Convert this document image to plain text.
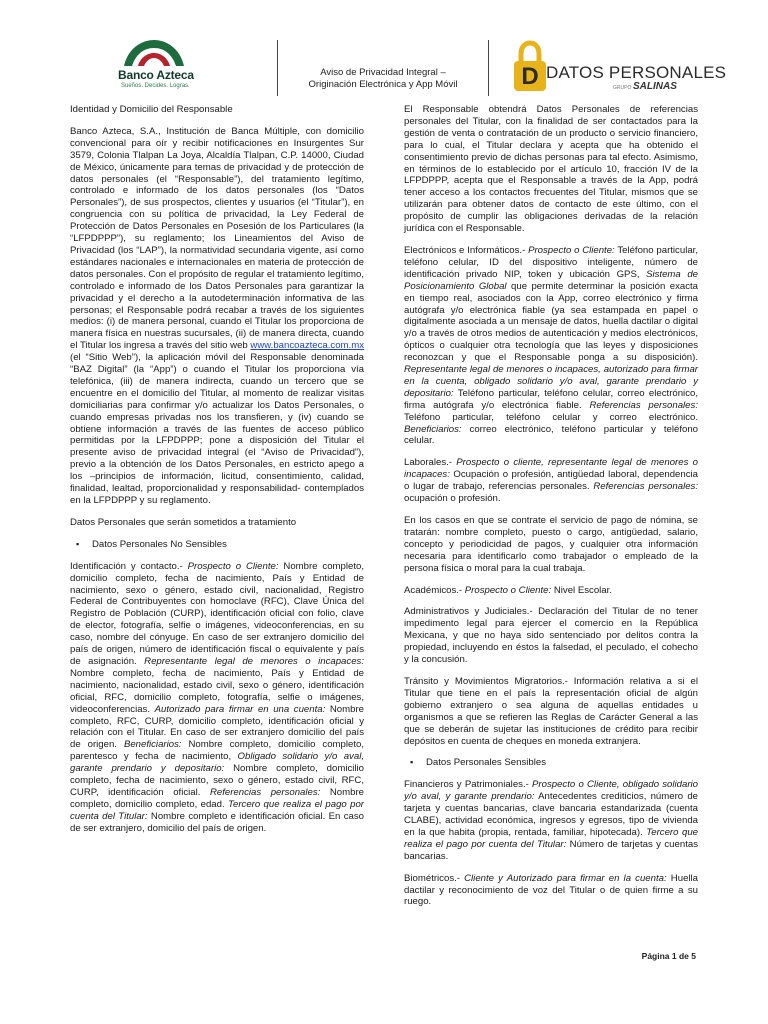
Banco Azteca
Sueños. Decides. Logras.
Aviso de Privacidad Integral –
Originación Electrónica y App Móvil	D DATOS PERSONALES
GRUPO SALINAS

Identidad y Domicilio del Responsable

Banco Azteca, S.A., Institución de Banca Múltiple, con domicilio convencional para oír y recibir notificaciones en Insurgentes Sur 3579, Colonia Tlalpan La Joya, Alcaldía Tlalpan, C.P. 14000, Ciudad de México, únicamente para temas de privacidad y de protección de datos personales (el “Responsable”), del tratamiento legítimo, controlado e informado de los datos personales (los “Datos Personales”), de sus prospectos, clientes y usuarios (el “Titular”), en congruencia con su política de privacidad, la Ley Federal de Protección de Datos Personales en Posesión de los Particulares (la “LFPDPPP”), su reglamento; los Lineamientos del Aviso de Privacidad (los “LAP”), la normatividad secundaria vigente, así como estándares nacionales e internacionales en materia de protección de datos personales. Con el propósito de regular el tratamiento legítimo, controlado e informado de los Datos Personales para garantizar la privacidad y el derecho a la autodeterminación informativa de las personas; el Responsable podrá recabar a través de los siguientes medios: (i) de manera personal, cuando el Titular los proporciona de manera física en nuestras sucursales, (ii) de manera directa, cuando el Titular los ingresa a través del sitio web www.bancoazteca.com.mx (el “Sitio Web”), la aplicación móvil del Responsable denominada “BAZ Digital” (la “App”) o cuando el Titular los proporciona vía telefónica, (iii) de manera indirecta, cuando un tercero que se encuentre en el domicilio del Titular, al momento de realizar visitas domiciliarias para confirmar y/o actualizar los Datos Personales, o cuando empresas privadas nos los transfieren, y (iv) cuando se obtiene información a través de las fuentes de acceso público permitidas por la LFPDPPP; pone a disposición del Titular el presente aviso de privacidad integral (el “Aviso de Privacidad”), previo a la obtención de los Datos Personales, en estricto apego a los –principios de información, licitud, consentimiento, calidad, finalidad, lealtad, proporcionalidad y responsabilidad- contemplados en la LFPDPPP y su reglamento.

Datos Personales que serán sometidos a tratamiento

▪ Datos Personales No Sensibles

Identificación y contacto.- Prospecto o Cliente: Nombre completo, domicilio completo, fecha de nacimiento, País y Entidad de nacimiento, sexo o género, estado civil, nacionalidad, Registro Federal de Contribuyentes con homoclave (RFC), Clave Única del Registro de Población (CURP), identificación oficial con folio, clave de elector, fotografía, selfie o imágenes, videoconferencias, en su caso, nombre del cónyuge. En caso de ser extranjero domicilio del país de origen, número de identificación fiscal o equivalente y país de asignación. Representante legal de menores o incapaces: Nombre completo, fecha de nacimiento, País y Entidad de nacimiento, nacionalidad, estado civil, sexo o género, identificación oficial, RFC, domicilio completo, fotografía, selfie o imágenes, videoconferencias. Autorizado para firmar en una cuenta: Nombre completo, RFC, CURP, domicilio completo, identificación oficial y relación con el Titular. En caso de ser extranjero domicilio del país de origen. Beneficiarios: Nombre completo, domicilio completo, parentesco y fecha de nacimiento, Obligado solidario y/o aval, garante prendario y depositario: Nombre completo, domicilio completo, fecha de nacimiento, sexo o género, estado civil, RFC, CURP, identificación oficial. Referencias personales: Nombre completo, domicilio completo, edad. Tercero que realiza el pago por cuenta del Titular: Nombre completo e identificación oficial. En caso de ser extranjero, domicilio del país de origen.

El Responsable obtendrá Datos Personales de referencias personales del Titular, con la finalidad de ser contactados para la gestión de venta o contratación de un producto o servicio financiero, para lo cual, el Titular declara y acepta que ha obtenido el consentimiento previo de dichas personas para tal efecto. Asimismo, en términos de lo establecido por el artículo 10, fracción IV de la LFPDPPP, acepta que el Responsable a través de la App, podrá tener acceso a los contactos frecuentes del Titular, mismos que se utilizarán para obtener datos de contacto de este último, con el propósito de cumplir las obligaciones derivadas de la relación jurídica con el Responsable.

Electrónicos e Informáticos.- Prospecto o Cliente: Teléfono particular, teléfono celular, ID del dispositivo inteligente, número de identificación privado NIP, token y ubicación GPS, Sistema de Posicionamiento Global que permite determinar la posición exacta en tiempo real, asociados con la App, correo electrónico y firma autógrafa y/o electrónica fiable (ya sea estampada en papel o digitalmente asociada a un mensaje de datos, huella dactilar o digital y/o a través de otros medios de autenticación y medios electrónicos, ópticos o cualquier otra tecnología que las leyes y disposiciones reconozcan y que el Responsable ponga a su disposición). Representante legal de menores o incapaces, autorizado para firmar en la cuenta, obligado solidario y/o aval, garante prendario y depositario: Teléfono particular, teléfono celular, correo electrónico, firma autógrafa y/o electrónica fiable. Referencias personales: Teléfono particular, teléfono celular y correo electrónico. Beneficiarios: correo electrónico, teléfono particular y teléfono celular.

Laborales.- Prospecto o cliente, representante legal de menores o incapaces: Ocupación o profesión, antigüedad laboral, dependencia o lugar de trabajo, referencias personales. Referencias personales: ocupación o profesión.

En los casos en que se contrate el servicio de pago de nómina, se tratarán: nombre completo, puesto o cargo, antigüedad, salario, concepto y periodicidad de pagos, y cualquier otra información necesaria para identificarlo como trabajador o empleado de la persona física o moral para la cual trabaja.

Académicos.- Prospecto o Cliente: Nivel Escolar.

Administrativos y Judiciales.- Declaración del Titular de no tener impedimento legal para ejercer el comercio en la República Mexicana, y que no haya sido sentenciado por delitos contra la propiedad, incluyendo en éstos la falsedad, el peculado, el cohecho y la concusión.

Tránsito y Movimientos Migratorios.- Información relativa a si el Titular que tiene en el país la representación oficial de algún gobierno extranjero o sea alguna de aquellas entidades u organismos a que se refieren las Reglas de Carácter General a las que se deberán de sujetar las instituciones de crédito para recibir depósitos en cuenta de cheques en moneda extranjera.

▪ Datos Personales Sensibles

Financieros y Patrimoniales.- Prospecto o Cliente, obligado solidario y/o aval, y garante prendario: Antecedentes crediticios, número de tarjeta y cuentas bancarias, clave bancaria estandarizada (cuenta CLABE), actividad económica, ingresos y egresos, tipo de vivienda en la que habita (propia, rentada, familiar, hipotecada). Tercero que realiza el pago por cuenta del Titular: Número de tarjetas y cuentas bancarias.

Biométricos.- Cliente y Autorizado para firmar en la cuenta: Huella dactilar y reconocimiento de voz del Titular o de quien firme a su ruego.

Página 1 de 5
